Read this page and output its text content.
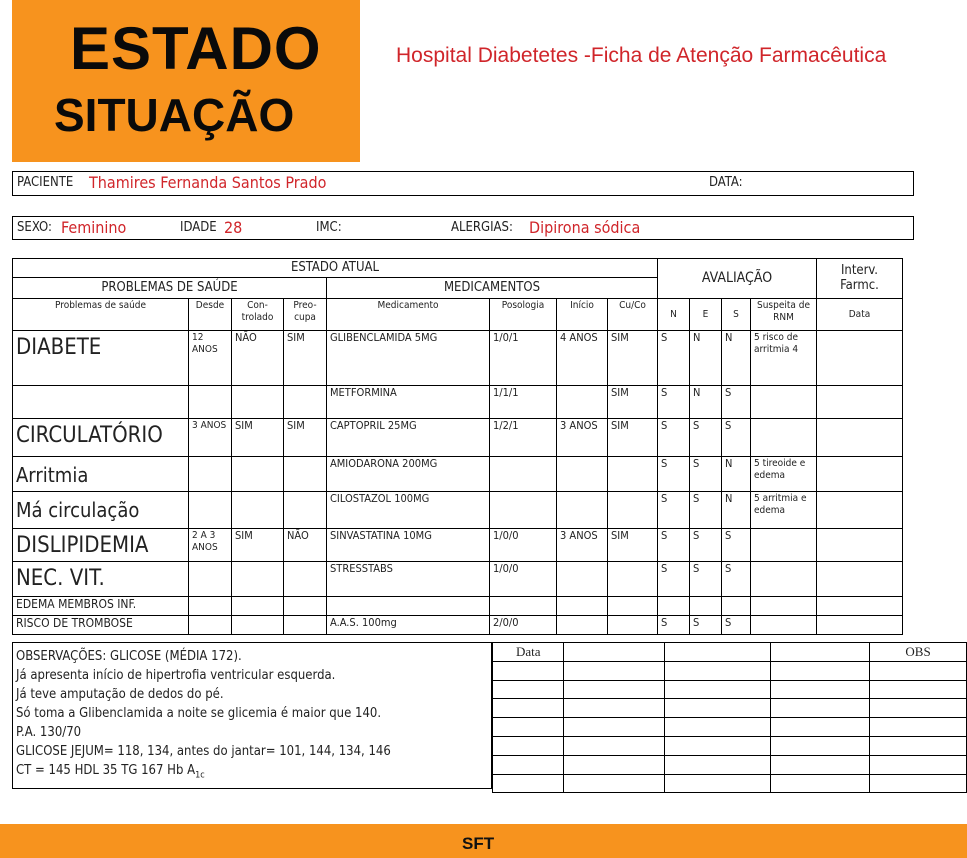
ESTADO
SITUAÇÃO
Hospital Diabetetes -Ficha de Atenção Farmacêutica
PACIENTE Thamires Fernanda Santos Prado	DATA:
SEXO: Feminino	IDADE 28	IMC:	ALERGIAS: Dipirona sódica
ESTADO ATUAL								AVALIAÇÃO				Interv.
Farmc.

PROBLEMAS DE SAÚDE				MEDICAMENTOS								
Problemas de saúde	Desde	Con- trolado	Preo- cupa	Medicamento	Posologia	Início	Cu/Co	N	E	S	Suspeita de RNM	Data
DIABETE	12 ANOS	NÃO	SIM	GLIBENCLAMIDA 5MG	1/0/1	4 ANOS	SIM	S	N	N	5 risco de arritmia 4	
				METFORMINA	1/1/1		SIM	S	N	S		
CIRCULATÓRIO	3 ANOS	SIM	SIM	CAPTOPRIL 25MG	1/2/1	3 ANOS	SIM	S	S	S		
Arritmia				AMIODARONA 200MG				S	S	N	5 tireoide e edema	
Má circulação				CILOSTAZOL 100MG				S	S	N	5 arritmia e edema	
DISLIPIDEMIA	2 A 3 ANOS	SIM	NÃO	SINVASTATINA 10MG	1/0/0	3 ANOS	SIM	S	S	S		
NEC. VIT.				STRESSTABS	1/0/0			S	S	S		
EDEMA MEMBROS INF.												
RISCO DE TROMBOSE				A.A.S. 100mg	2/0/0			S	S	S		
OBSERVAÇÕES: GLICOSE (MÉDIA 172).
Já apresenta início de hipertrofia ventricular esquerda.
Já teve amputação de dedos do pé.
Só toma a Glibenclamida a noite se glicemia é maior que 140.
P.A. 130/70
GLICOSE JEJUM= 118, 134, antes do jantar= 101, 144, 134, 146
CT = 145 HDL 35 TG 167 Hb $A_{1c}$
Data				OBS

SFT
